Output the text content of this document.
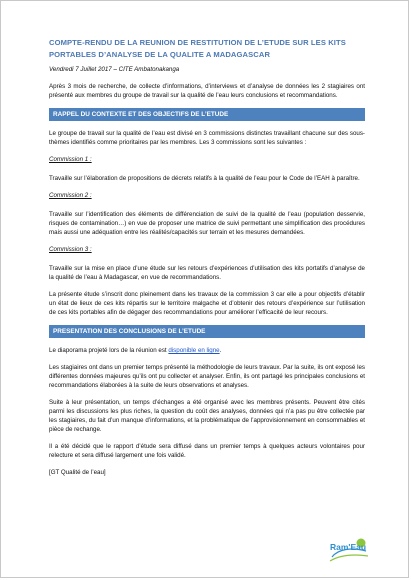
COMPTE-RENDU DE LA REUNION DE RESTITUTION DE L’ETUDE SUR LES KITS PORTABLES D’ANALYSE DE LA QUALITE A MADAGASCAR
Vendredi 7 Juillet 2017 – CITE Ambatonakanga

Après 3 mois de recherche, de collecte d’informations, d’interviews et d’analyse de données les 2 stagiaires ont présenté aux membres du groupe de travail sur la qualité de l’eau leurs conclusions et recommandations.

RAPPEL DU CONTEXTE ET DES OBJECTIFS DE L’ETUDE

Le groupe de travail sur la qualité de l’eau est divisé en 3 commissions distinctes travaillant chacune sur des sous-thèmes identifiés comme prioritaires par les membres. Les 3 commissions sont les suivantes :

Commission 1 :

Travaille sur l’élaboration de propositions de décrets relatifs à la qualité de l’eau pour le Code de l’EAH à paraître.

Commission 2 :

Travaille sur l’identification des éléments de différenciation de suivi de la qualité de l’eau (population desservie, risques de contamination…) en vue de proposer une matrice de suivi permettant une simplification des procédures mais aussi une adéquation entre les réalités/capacités sur terrain et les mesures demandées.

Commission 3 :

Travaille sur la mise en place d’une étude sur les retours d’expériences d’utilisation des kits portatifs d’analyse de la qualité de l’eau à Madagascar, en vue de recommandations.

La présente étude s’inscrit donc pleinement dans les travaux de la commission 3 car elle a pour objectifs d’établir un état de lieux de ces kits répartis sur le territoire malgache et d’obtenir des retours d’expérience sur l’utilisation de ces kits portables afin de dégager des recommandations pour améliorer l’efficacité de leur recours.

PRESENTATION DES CONCLUSIONS DE L’ETUDE

Le diaporama projeté lors de la réunion est disponible en ligne.

Les stagiaires ont dans un premier temps présenté la méthodologie de leurs travaux. Par la suite, ils ont exposé les différentes données majeures qu’ils ont pu collecter et analyser. Enfin, ils ont partagé les principales conclusions et recommandations élaborées à la suite de leurs observations et analyses.

Suite à leur présentation, un temps d’échanges a été organisé avec les membres présents. Peuvent être cités parmi les discussions les plus riches, la question du coût des analyses, données qui n’a pas pu être collectée par les stagiaires, du fait d’un manque d’informations, et la problématique de l’approvisionnement en consommables et pièce de rechange.

Il a été décidé que le rapport d’étude sera diffusé dans un premier temps à quelques acteurs volontaires pour relecture et sera diffusé largement une fois validé.

[GT Qualité de l’eau]
Ram'Eau
